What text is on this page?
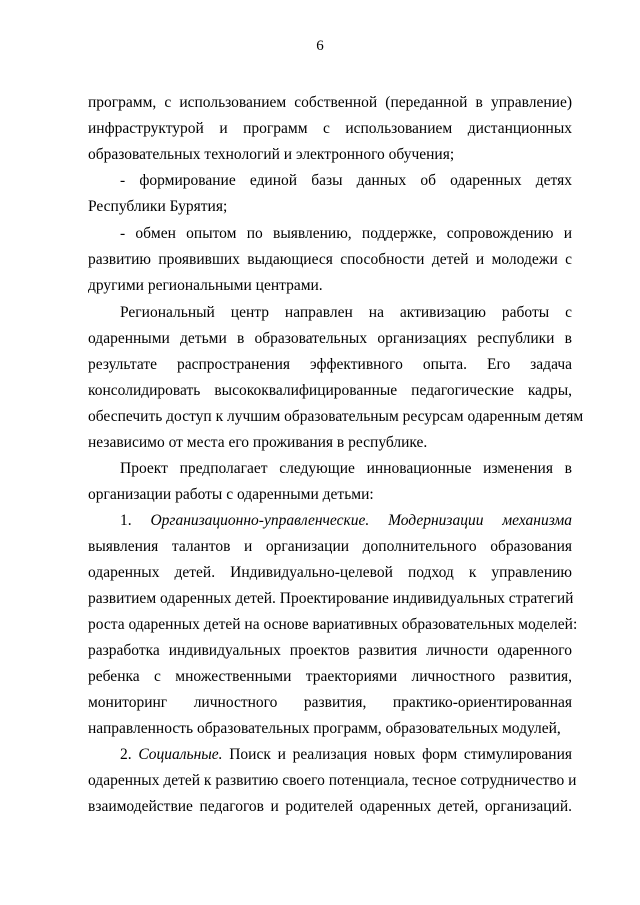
6
программ, с использованием собственной (переданной в управление)
инфраструктурой и программ с использованием дистанционных
образовательных технологий и электронного обучения;
- формирование единой базы данных об одаренных детях
Республики Бурятия;
- обмен опытом по выявлению, поддержке, сопровождению и
развитию проявивших выдающиеся способности детей и молодежи с
другими региональными центрами.
Региональный центр направлен на активизацию работы с
одаренными детьми в образовательных организациях республики в
результате распространения эффективного опыта. Его задача
консолидировать высококвалифицированные педагогические кадры,
обеспечить доступ к лучшим образовательным ресурсам одаренным детям
независимо от места его проживания в республике.
Проект предполагает следующие инновационные изменения в
организации работы с одаренными детьми:
1. Организационно-управленческие. Модернизации механизма
выявления талантов и организации дополнительного образования
одаренных детей. Индивидуально-целевой подход к управлению
развитием одаренных детей. Проектирование индивидуальных стратегий
роста одаренных детей на основе вариативных образовательных моделей:
разработка индивидуальных проектов развития личности одаренного
ребенка с множественными траекториями личностного развития,
мониторинг личностного развития, практико-ориентированная
направленность образовательных программ, образовательных модулей,
2. Социальные. Поиск и реализация новых форм стимулирования
одаренных детей к развитию своего потенциала, тесное сотрудничество и
взаимодействие педагогов и родителей одаренных детей, организаций.
